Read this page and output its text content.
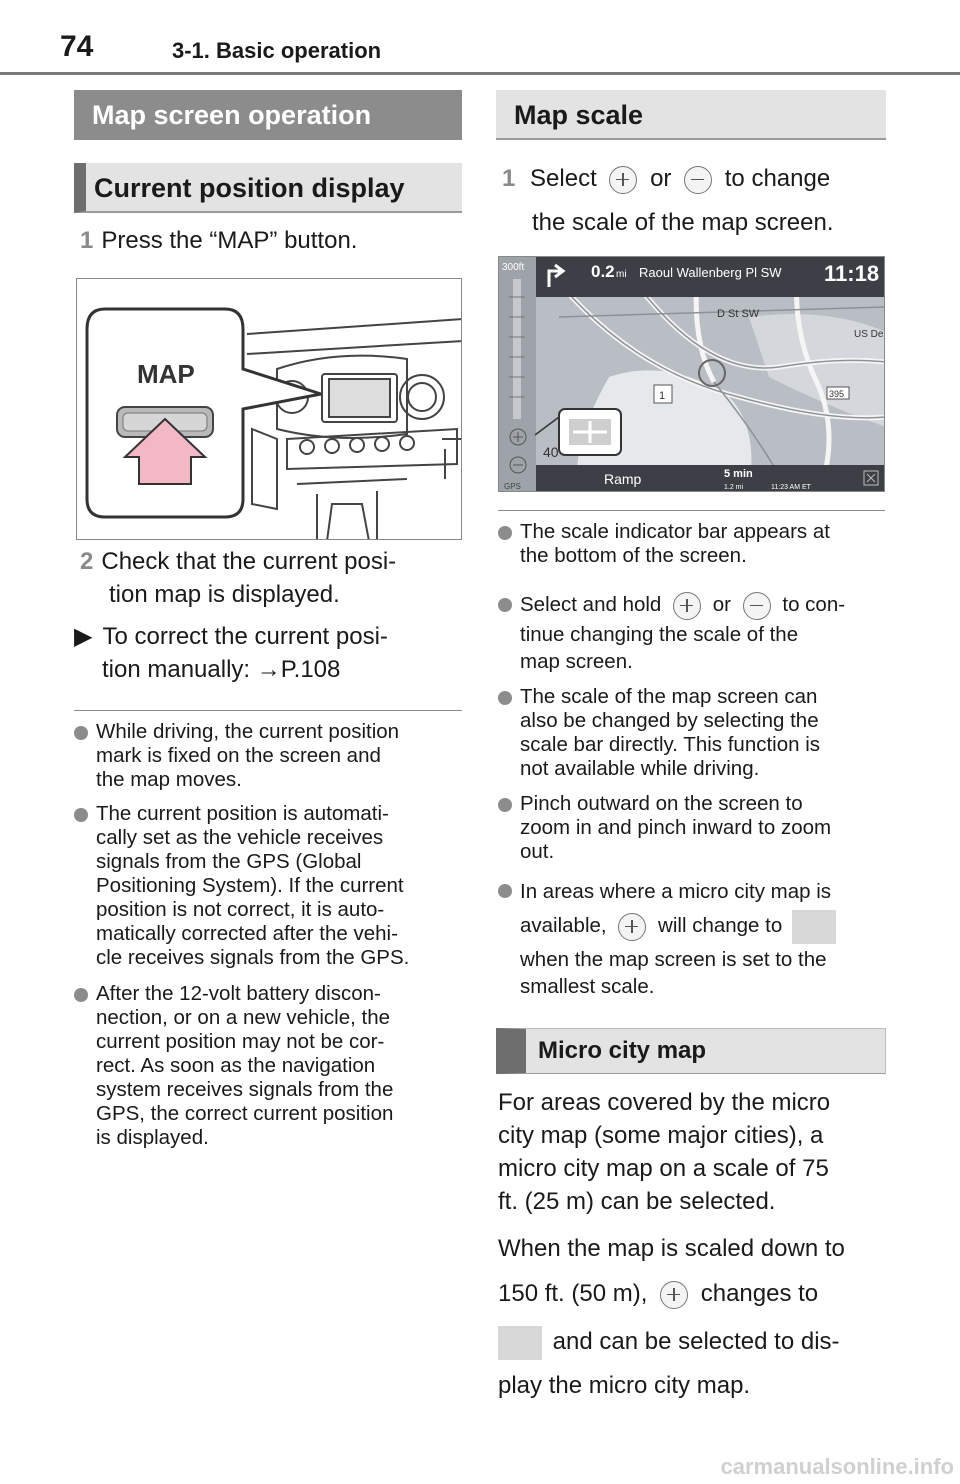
74	3-1. Basic operation
Map screen operation
Current position display
1 Press the “MAP” button.
MAP
2 Check that the current posi-
tion map is displayed.
▶ To correct the current posi-
tion manually: →P.108
While driving, the current position
mark is fixed on the screen and
the map moves.
The current position is automati-
cally set as the vehicle receives
signals from the GPS (Global
Positioning System). If the current
position is not correct, it is auto-
matically corrected after the vehi-
cle receives signals from the GPS.
After the 12-volt battery discon-
nection, or on a new vehicle, the
current position may not be cor-
rect. As soon as the navigation
system receives signals from the
GPS, the correct current position
is displayed.
Map scale
1 Select or to change
the scale of the map screen.
0.2 mi Raoul Wallenberg Pl SW 11:18
D St SW
US De
1	395
300ft
GPS
40
Ramp	5 min
1.2 mi	11:23 AM ET
The scale indicator bar appears at
the bottom of the screen.
Select and hold	or	to con-
tinue changing the scale of the
map screen.
The scale of the map screen can
also be changed by selecting the
scale bar directly. This function is
not available while driving.
Pinch outward on the screen to
zoom in and pinch inward to zoom
out.
In areas where a micro city map is
available,	will change to
when the map screen is set to the
smallest scale.
Micro city map
For areas covered by the micro
city map (some major cities), a
micro city map on a scale of 75
ft. (25 m) can be selected.
When the map is scaled down to
150 ft. (50 m), changes to
and can be selected to dis-
play the micro city map.
carmanualsonline.info
